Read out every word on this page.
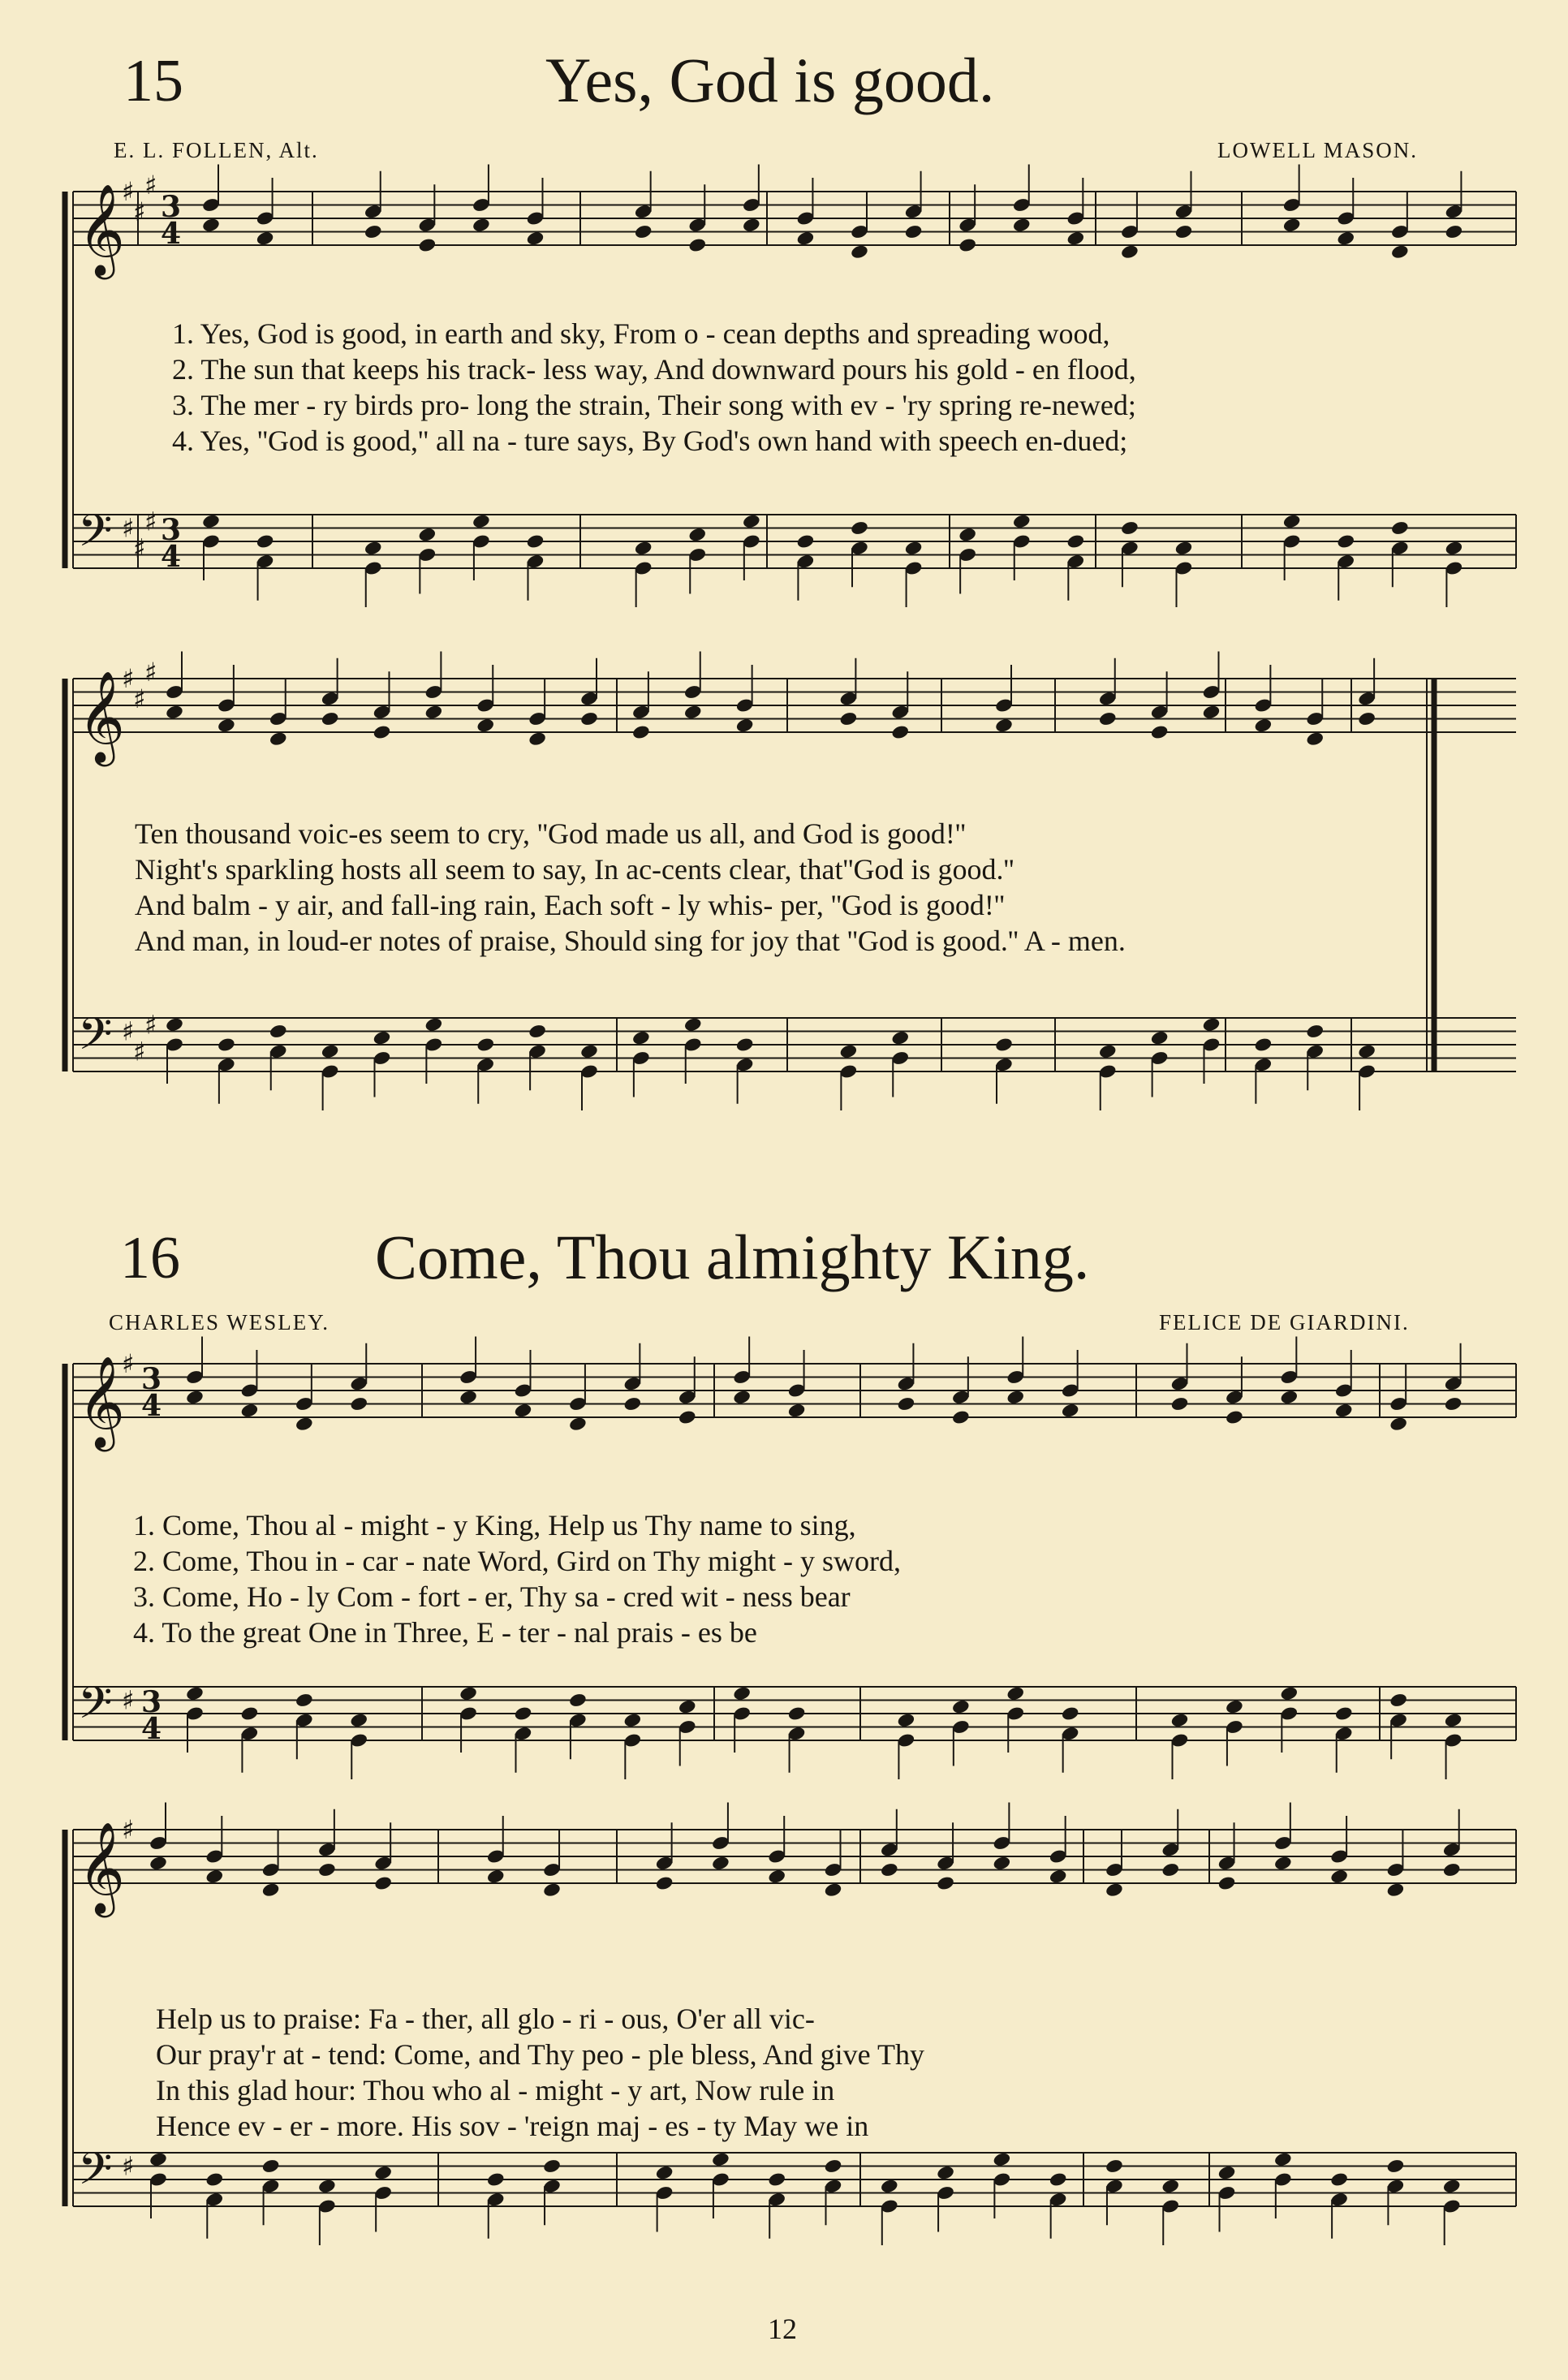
15	Yes, God is good.
E. L. FOLLEN, Alt.	LOWELL MASON.
𝄞
𝄢
♯
♯
♯
♯
♯
♯
3
4
3
4
1. Yes, God is good, in earth and sky, From o - cean depths and spreading wood,
2. The sun that keeps his track- less way, And downward pours his gold - en flood,
3. The mer - ry birds pro- long the strain, Their song with ev - 'ry spring re-newed;
4. Yes, ''God is good,'' all na - ture says, By God's own hand with speech en-dued;
𝄞
𝄢
♯
♯
♯
♯
♯
♯
Ten thousand voic-es seem to cry, ''God made us all, and God is good!''
Night's sparkling hosts all seem to say, In ac-cents clear, that''God is good.''
And balm - y air, and fall-ing rain, Each soft - ly whis- per, ''God is good!''
And man, in loud-er notes of praise, Should sing for joy that ''God is good.'' A - men.
16	Come, Thou almighty King.
CHARLES WESLEY.	FELICE DE GIARDINI.
𝄞
𝄢
♯
♯
3
4
3
4
1. Come, Thou al - might - y King, Help us Thy name to sing,
2. Come, Thou in - car - nate Word, Gird on Thy might - y sword,
3. Come, Ho - ly Com - fort - er, Thy sa - cred wit - ness bear
4. To the great One in Three, E - ter - nal prais - es be
𝄞
𝄢
♯
♯
Help us to praise: Fa - ther, all glo - ri - ous, O'er all vic-
Our pray'r at - tend: Come, and Thy peo - ple bless, And give Thy
In this glad hour: Thou who al - might - y art, Now rule in
Hence ev - er - more. His sov - 'reign maj - es - ty May we in
12
